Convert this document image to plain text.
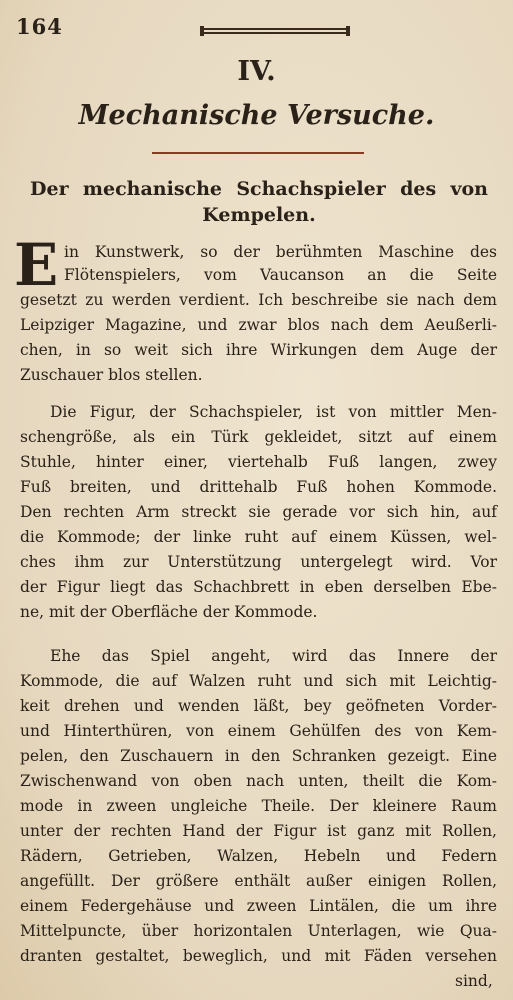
164
IV.
Mechanische Versuche.
Der mechanische Schachspieler des von Kempelen.
E in Kunstwerk, so der berühmten Maschine des
Flötenspielers, vom Vaucanson an die Seite
gesetzt zu werden verdient. Ich beschreibe sie nach dem
Leipziger Magazine, und zwar blos nach dem Aeußerli-
chen, in so weit sich ihre Wirkungen dem Auge der
Zuschauer blos stellen.
Die Figur, der Schachspieler, ist von mittler Men-
schengröße, als ein Türk gekleidet, sitzt auf einem
Stuhle, hinter einer, viertehalb Fuß langen, zwey
Fuß breiten, und drittehalb Fuß hohen Kommode.
Den rechten Arm streckt sie gerade vor sich hin, auf
die Kommode; der linke ruht auf einem Küssen, wel-
ches ihm zur Unterstützung untergelegt wird. Vor
der Figur liegt das Schachbrett in eben derselben Ebe-
ne, mit der Oberfläche der Kommode.
Ehe das Spiel angeht, wird das Innere der
Kommode, die auf Walzen ruht und sich mit Leichtig-
keit drehen und wenden läßt, bey geöfneten Vorder-
und Hinterthüren, von einem Gehülfen des von Kem-
pelen, den Zuschauern in den Schranken gezeigt. Eine
Zwischenwand von oben nach unten, theilt die Kom-
mode in zween ungleiche Theile. Der kleinere Raum
unter der rechten Hand der Figur ist ganz mit Rollen,
Rädern, Getrieben, Walzen, Hebeln und Federn
angefüllt. Der größere enthält außer einigen Rollen,
einem Federgehäuse und zween Lintälen, die um ihre
Mittelpuncte, über horizontalen Unterlagen, wie Qua-
dranten gestaltet, beweglich, und mit Fäden versehen
sind,
